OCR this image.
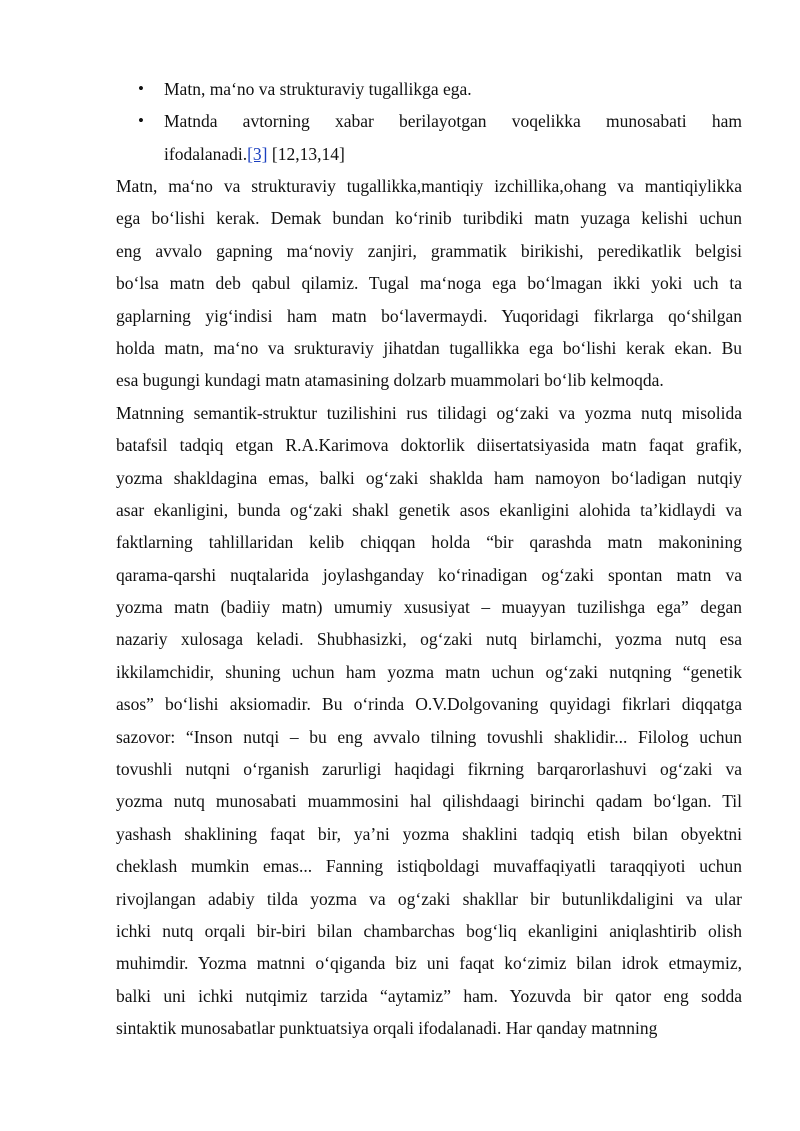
• Matn, ma‘no va strukturaviy tugallikga ega.
• Matnda avtorning xabar berilayotgan voqelikka munosabati ham
ifodalanadi.[3] [12,13,14]
Matn, ma‘no va strukturaviy tugallikka,mantiqiy izchillika,ohang va mantiqiylikka
ega bo‘lishi kerak. Demak bundan ko‘rinib turibdiki matn yuzaga kelishi uchun
eng avvalo gapning ma‘noviy zanjiri, grammatik birikishi, peredikatlik belgisi
bo‘lsa matn deb qabul qilamiz. Tugal ma‘noga ega bo‘lmagan ikki yoki uch ta
gaplarning yig‘indisi ham matn bo‘lavermaydi. Yuqoridagi fikrlarga qo‘shilgan
holda matn, ma‘no va srukturaviy jihatdan tugallikka ega bo‘lishi kerak ekan. Bu
esa bugungi kundagi matn atamasining dolzarb muammolari bo‘lib kelmoqda.
Matnning semantik-struktur tuzilishini rus tilidagi og‘zaki va yozma nutq misolida
batafsil tadqiq etgan R.A.Karimova doktorlik diisertatsiyasida matn faqat grafik,
yozma shakldagina emas, balki og‘zaki shaklda ham namoyon bo‘ladigan nutqiy
asar ekanligini, bunda og‘zaki shakl genetik asos ekanligini alohida ta’kidlaydi va
faktlarning tahlillaridan kelib chiqqan holda “bir qarashda matn makonining
qarama-qarshi nuqtalarida joylashganday ko‘rinadigan og‘zaki spontan matn va
yozma matn (badiiy matn) umumiy xususiyat – muayyan tuzilishga ega” degan
nazariy xulosaga keladi. Shubhasizki, og‘zaki nutq birlamchi, yozma nutq esa
ikkilamchidir, shuning uchun ham yozma matn uchun og‘zaki nutqning “genetik
asos” bo‘lishi aksiomadir. Bu o‘rinda O.V.Dolgovaning quyidagi fikrlari diqqatga
sazovor: “Inson nutqi – bu eng avvalo tilning tovushli shaklidir... Filolog uchun
tovushli nutqni o‘rganish zarurligi haqidagi fikrning barqarorlashuvi og‘zaki va
yozma nutq munosabati muammosini hal qilishdaagi birinchi qadam bo‘lgan. Til
yashash shaklining faqat bir, ya’ni yozma shaklini tadqiq etish bilan obyektni
cheklash mumkin emas... Fanning istiqboldagi muvaffaqiyatli taraqqiyoti uchun
rivojlangan adabiy tilda yozma va og‘zaki shakllar bir butunlikdaligini va ular
ichki nutq orqali bir-biri bilan chambarchas bog‘liq ekanligini aniqlashtirib olish
muhimdir. Yozma matnni o‘qiganda biz uni faqat ko‘zimiz bilan idrok etmaymiz,
balki uni ichki nutqimiz tarzida “aytamiz” ham. Yozuvda bir qator eng sodda
sintaktik munosabatlar punktuatsiya orqali ifodalanadi. Har qanday matnning
